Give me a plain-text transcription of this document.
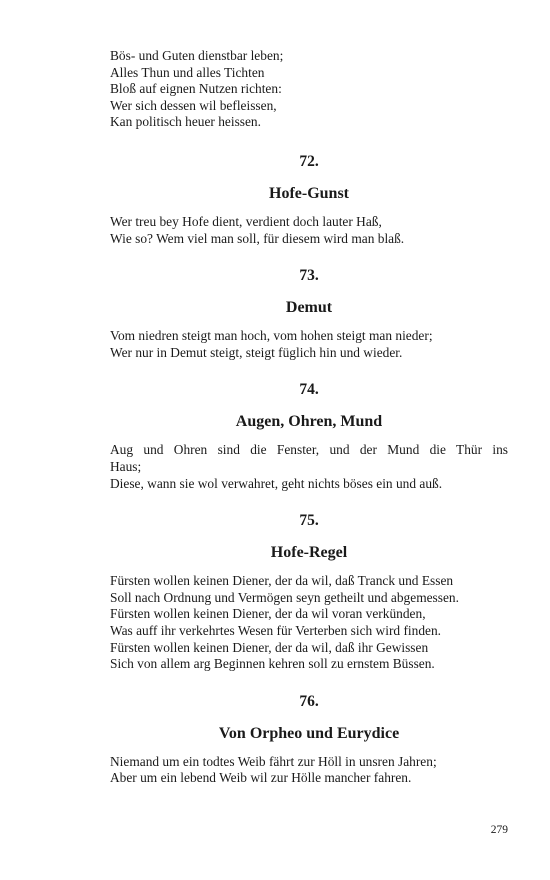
Bös- und Guten dienstbar leben;
Alles Thun und alles Tichten
Bloß auf eignen Nutzen richten:
Wer sich dessen wil befleissen,
Kan politisch heuer heissen.
72.
Hofe-Gunst
Wer treu bey Hofe dient, verdient doch lauter Haß,
Wie so? Wem viel man soll, für diesem wird man blaß.
73.
Demut
Vom niedren steigt man hoch, vom hohen steigt man nieder;
Wer nur in Demut steigt, steigt füglich hin und wieder.
74.
Augen, Ohren, Mund
Aug und Ohren sind die Fenster, und der Mund die Thür ins
Haus;
Diese, wann sie wol verwahret, geht nichts böses ein und auß.
75.
Hofe-Regel
Fürsten wollen keinen Diener, der da wil, daß Tranck und Essen
Soll nach Ordnung und Vermögen seyn getheilt und abgemessen.
Fürsten wollen keinen Diener, der da wil voran verkünden,
Was auff ihr verkehrtes Wesen für Verterben sich wird finden.
Fürsten wollen keinen Diener, der da wil, daß ihr Gewissen
Sich von allem arg Beginnen kehren soll zu ernstem Büssen.
76.
Von Orpheo und Eurydice
Niemand um ein todtes Weib fährt zur Höll in unsren Jahren;
Aber um ein lebend Weib wil zur Hölle mancher fahren.
279
